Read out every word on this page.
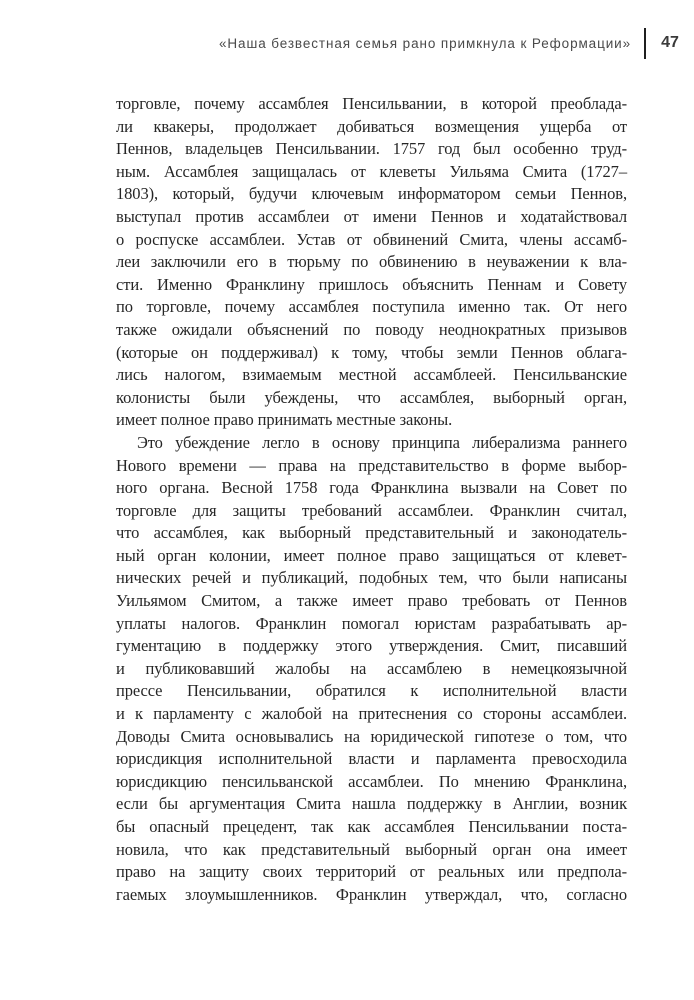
«Наша безвестная семья рано примкнула к Реформации»	47
торговле, почему ассамблея Пенсильвании, в которой преоблада-
ли квакеры, продолжает добиваться возмещения ущерба от
Пеннов, владельцев Пенсильвании. 1757 год был особенно труд-
ным. Ассамблея защищалась от клеветы Уильяма Смита (1727–
1803), который, будучи ключевым информатором семьи Пеннов,
выступал против ассамблеи от имени Пеннов и ходатайствовал
о роспуске ассамблеи. Устав от обвинений Смита, члены ассамб-
леи заключили его в тюрьму по обвинению в неуважении к вла-
сти. Именно Франклину пришлось объяснить Пеннам и Совету
по торговле, почему ассамблея поступила именно так. От него
также ожидали объяснений по поводу неоднократных призывов
(которые он поддерживал) к тому, чтобы земли Пеннов облага-
лись налогом, взимаемым местной ассамблеей. Пенсильванские
колонисты были убеждены, что ассамблея, выборный орган,
имеет полное право принимать местные законы.
Это убеждение легло в основу принципа либерализма раннего
Нового времени — права на представительство в форме выбор-
ного органа. Весной 1758 года Франклина вызвали на Совет по
торговле для защиты требований ассамблеи. Франклин считал,
что ассамблея, как выборный представительный и законодатель-
ный орган колонии, имеет полное право защищаться от клевет-
нических речей и публикаций, подобных тем, что были написаны
Уильямом Смитом, а также имеет право требовать от Пеннов
уплаты налогов. Франклин помогал юристам разрабатывать ар-
гументацию в поддержку этого утверждения. Смит, писавший
и публиковавший жалобы на ассамблею в немецкоязычной
прессе Пенсильвании, обратился к исполнительной власти
и к парламенту с жалобой на притеснения со стороны ассамблеи.
Доводы Смита основывались на юридической гипотезе о том, что
юрисдикция исполнительной власти и парламента превосходила
юрисдикцию пенсильванской ассамблеи. По мнению Франклина,
если бы аргументация Смита нашла поддержку в Англии, возник
бы опасный прецедент, так как ассамблея Пенсильвании поста-
новила, что как представительный выборный орган она имеет
право на защиту своих территорий от реальных или предпола-
гаемых злоумышленников. Франклин утверждал, что, согласно
